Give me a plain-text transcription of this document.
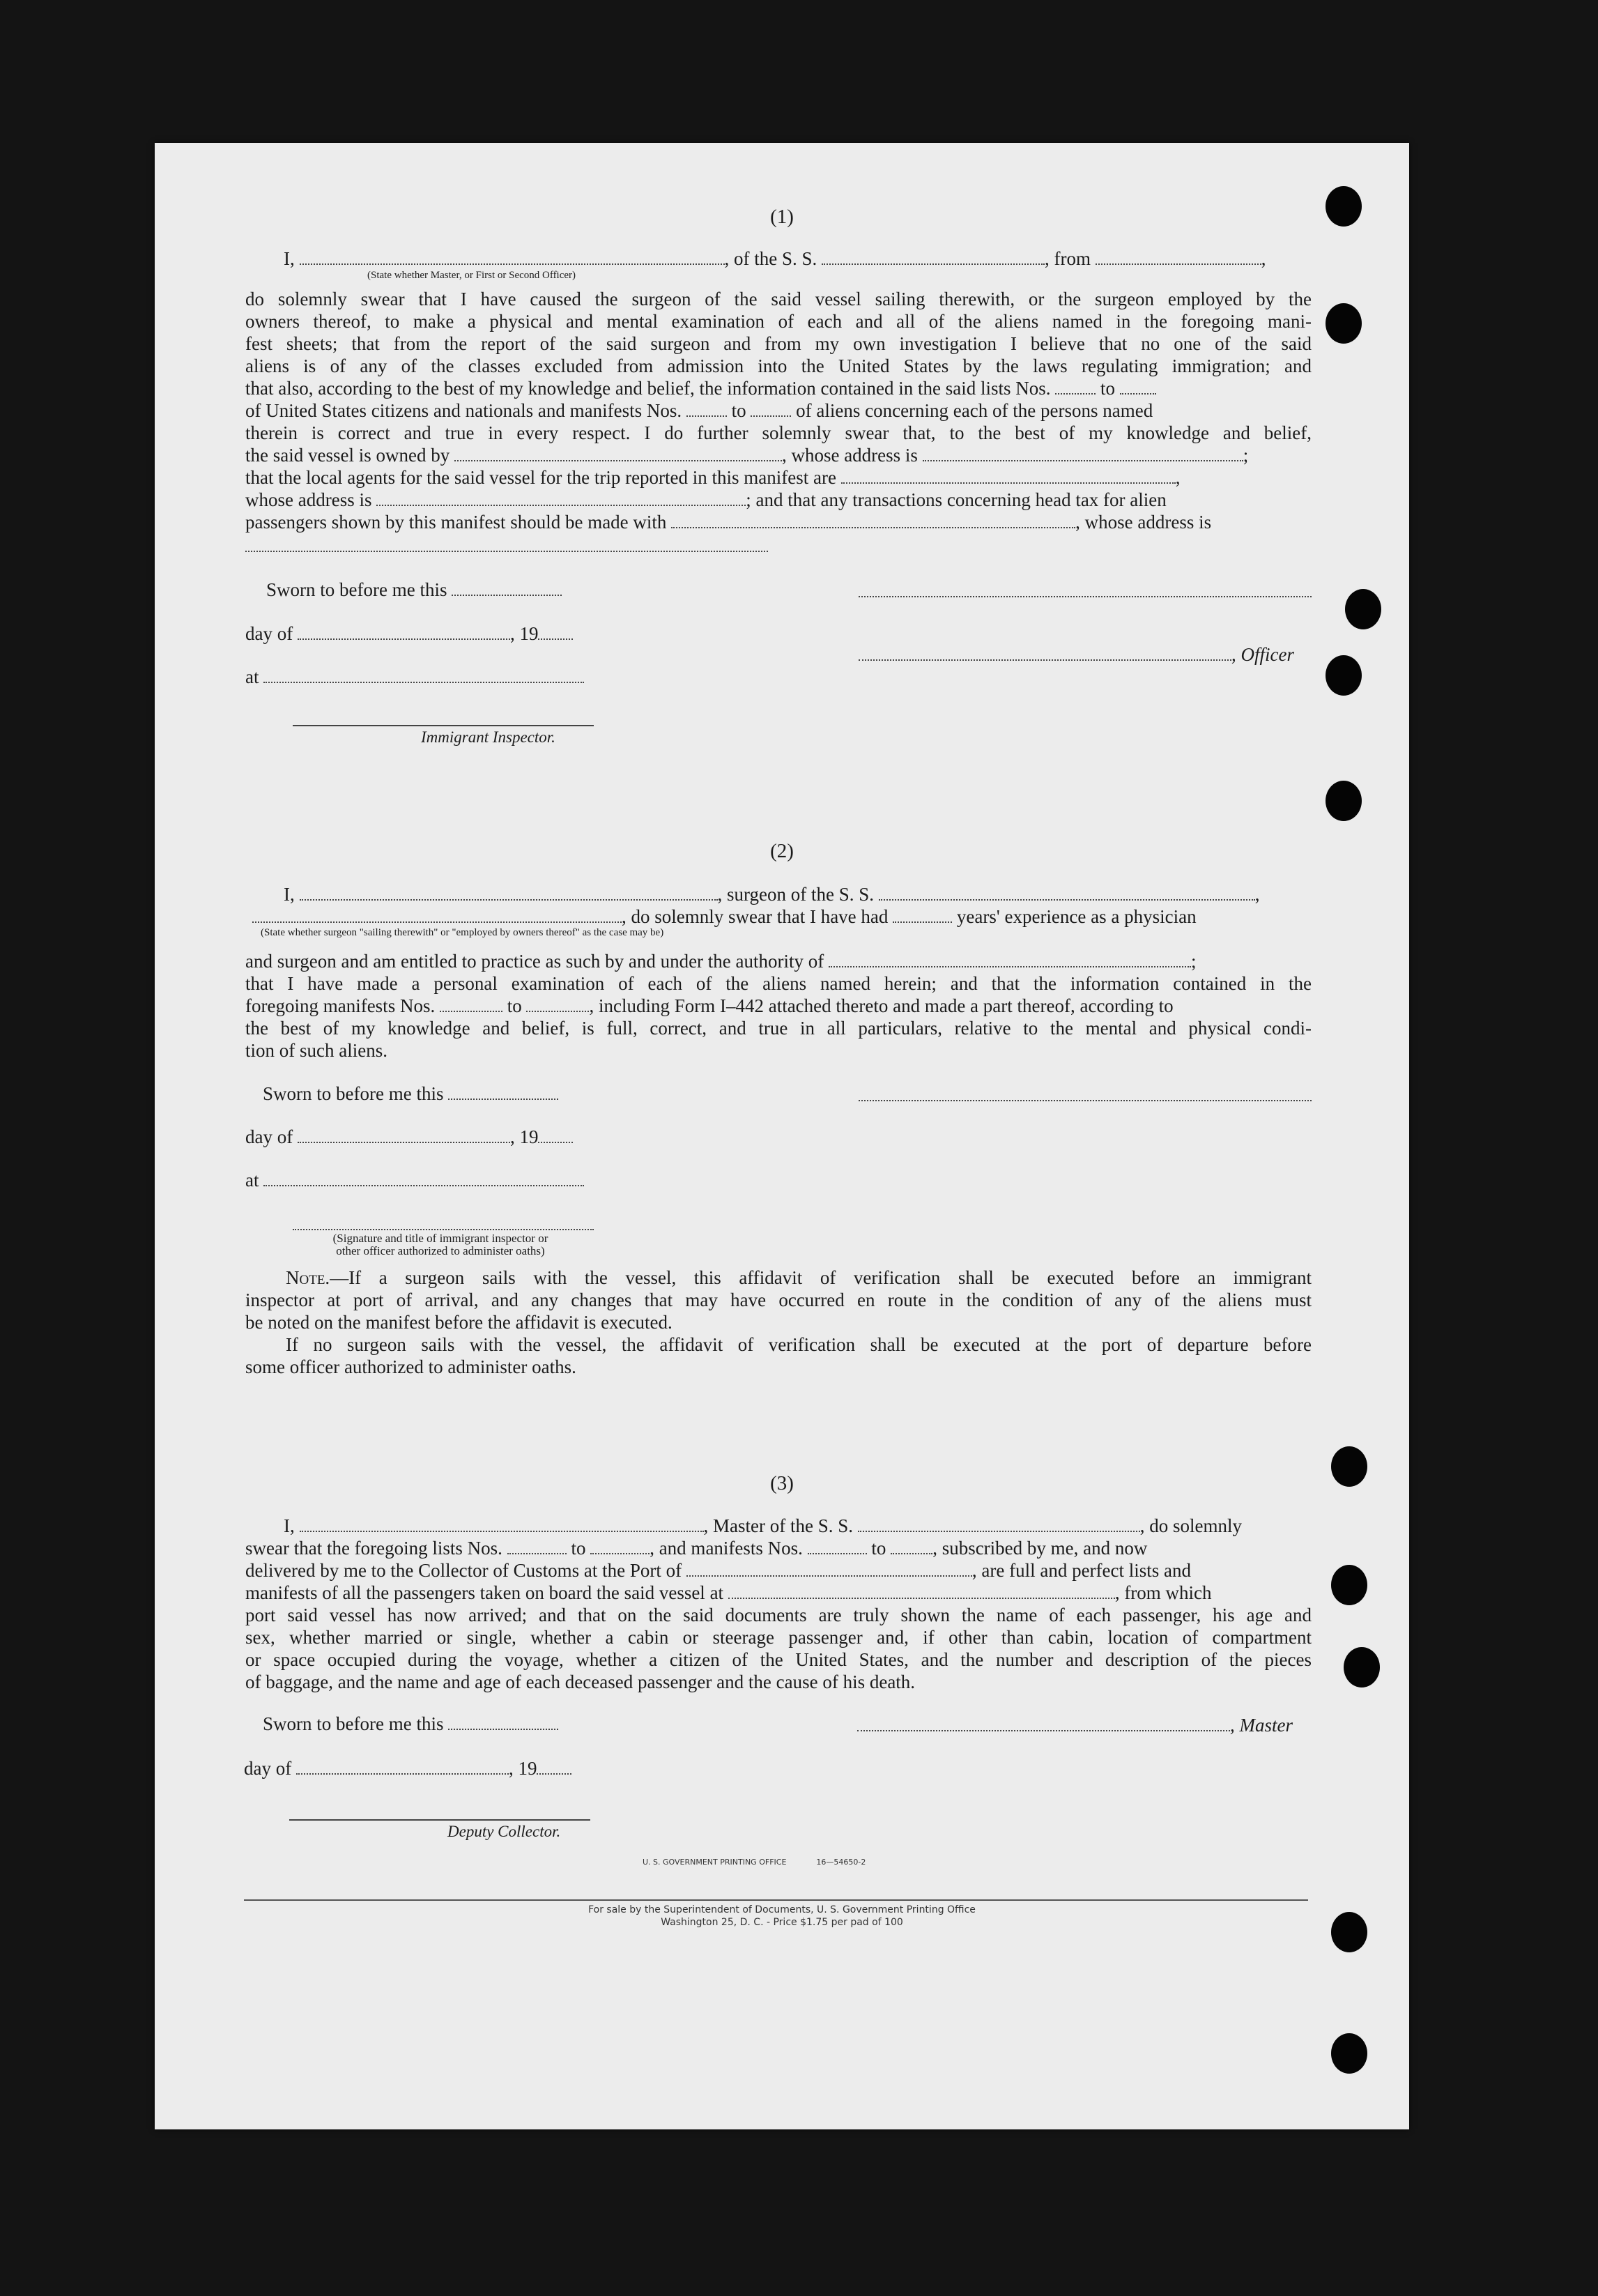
(1)
I,	, of the S. S.	, from	,
(State whether Master, or First or Second Officer)
do solemnly swear that I have caused the surgeon of the said vessel sailing therewith, or the surgeon employed by the
owners thereof, to make a physical and mental examination of each and all of the aliens named in the foregoing mani-
fest sheets; that from the report of the said surgeon and from my own investigation I believe that no one of the said
aliens is of any of the classes excluded from admission into the United States by the laws regulating immigration; and
that also, according to the best of my knowledge and belief, the information contained in the said lists Nos.	to
of United States citizens and nationals and manifests Nos.	to	of aliens concerning each of the persons named
therein is correct and true in every respect. I do further solemnly swear that, to the best of my knowledge and belief,
the said vessel is owned by	, whose address is	;
that the local agents for the said vessel for the trip reported in this manifest are	,
whose address is	; and that any transactions concerning head tax for alien
passengers shown by this manifest should be made with	, whose address is
Sworn to before me this
day of	, 19
, Officer
at
Immigrant Inspector.
(2)
I,	, surgeon of the S. S.	,
, do solemnly swear that I have had	years' experience as a physician
(State whether surgeon "sailing therewith" or "employed by owners thereof" as the case may be)
and surgeon and am entitled to practice as such by and under the authority of	;
that I have made a personal examination of each of the aliens named herein; and that the information contained in the
foregoing manifests Nos.	to	, including Form I–442 attached thereto and made a part thereof, according to
the best of my knowledge and belief, is full, correct, and true in all particulars, relative to the mental and physical condi-
tion of such aliens.
Sworn to before me this
day of	, 19
at
(Signature and title of immigrant inspector or
other officer authorized to administer oaths)
Note.—If a surgeon sails with the vessel, this affidavit of verification shall be executed before an immigrant
inspector at port of arrival, and any changes that may have occurred en route in the condition of any of the aliens must
be noted on the manifest before the affidavit is executed.
If no surgeon sails with the vessel, the affidavit of verification shall be executed at the port of departure before
some officer authorized to administer oaths.
(3)
I,	, Master of the S. S.	, do solemnly
swear that the foregoing lists Nos.	to	, and manifests Nos.	to , subscribed by me, and now
delivered by me to the Collector of Customs at the Port of	, are full and perfect lists and
manifests of all the passengers taken on board the said vessel at	, from which
port said vessel has now arrived; and that on the said documents are truly shown the name of each passenger, his age and
sex, whether married or single, whether a cabin or steerage passenger and, if other than cabin, location of compartment
or space occupied during the voyage, whether a citizen of the United States, and the number and description of the pieces
of baggage, and the name and age of each deceased passenger and the cause of his death.
Sworn to before me this	, Master
day of	, 19
Deputy Collector.
U. S. GOVERNMENT PRINTING OFFICE	16—54650-2
For sale by the Superintendent of Documents, U. S. Government Printing Office
Washington 25, D. C. - Price $1.75 per pad of 100
